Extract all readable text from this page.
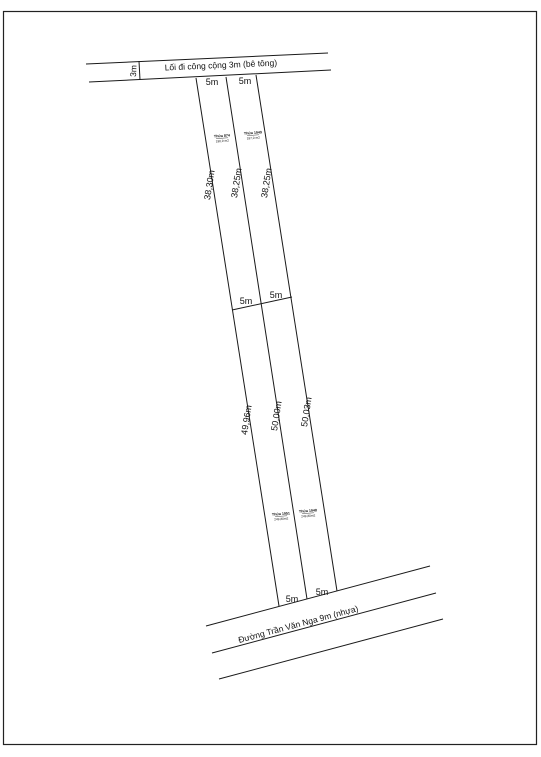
3m	Lối đi công cộng 3m (bê tông)
5m 5m
38,30m 38,25m 38,25m
5m
5m
49,96m 50,00m 50,03m
5m
5m
Thửa 874
190,9 m2
Thửa 1949
187,0 m2
Thửa 1951
249,80m2
Thửa 1948
249,80m2
Đường Trần Văn Nga 9m (nhựa)
